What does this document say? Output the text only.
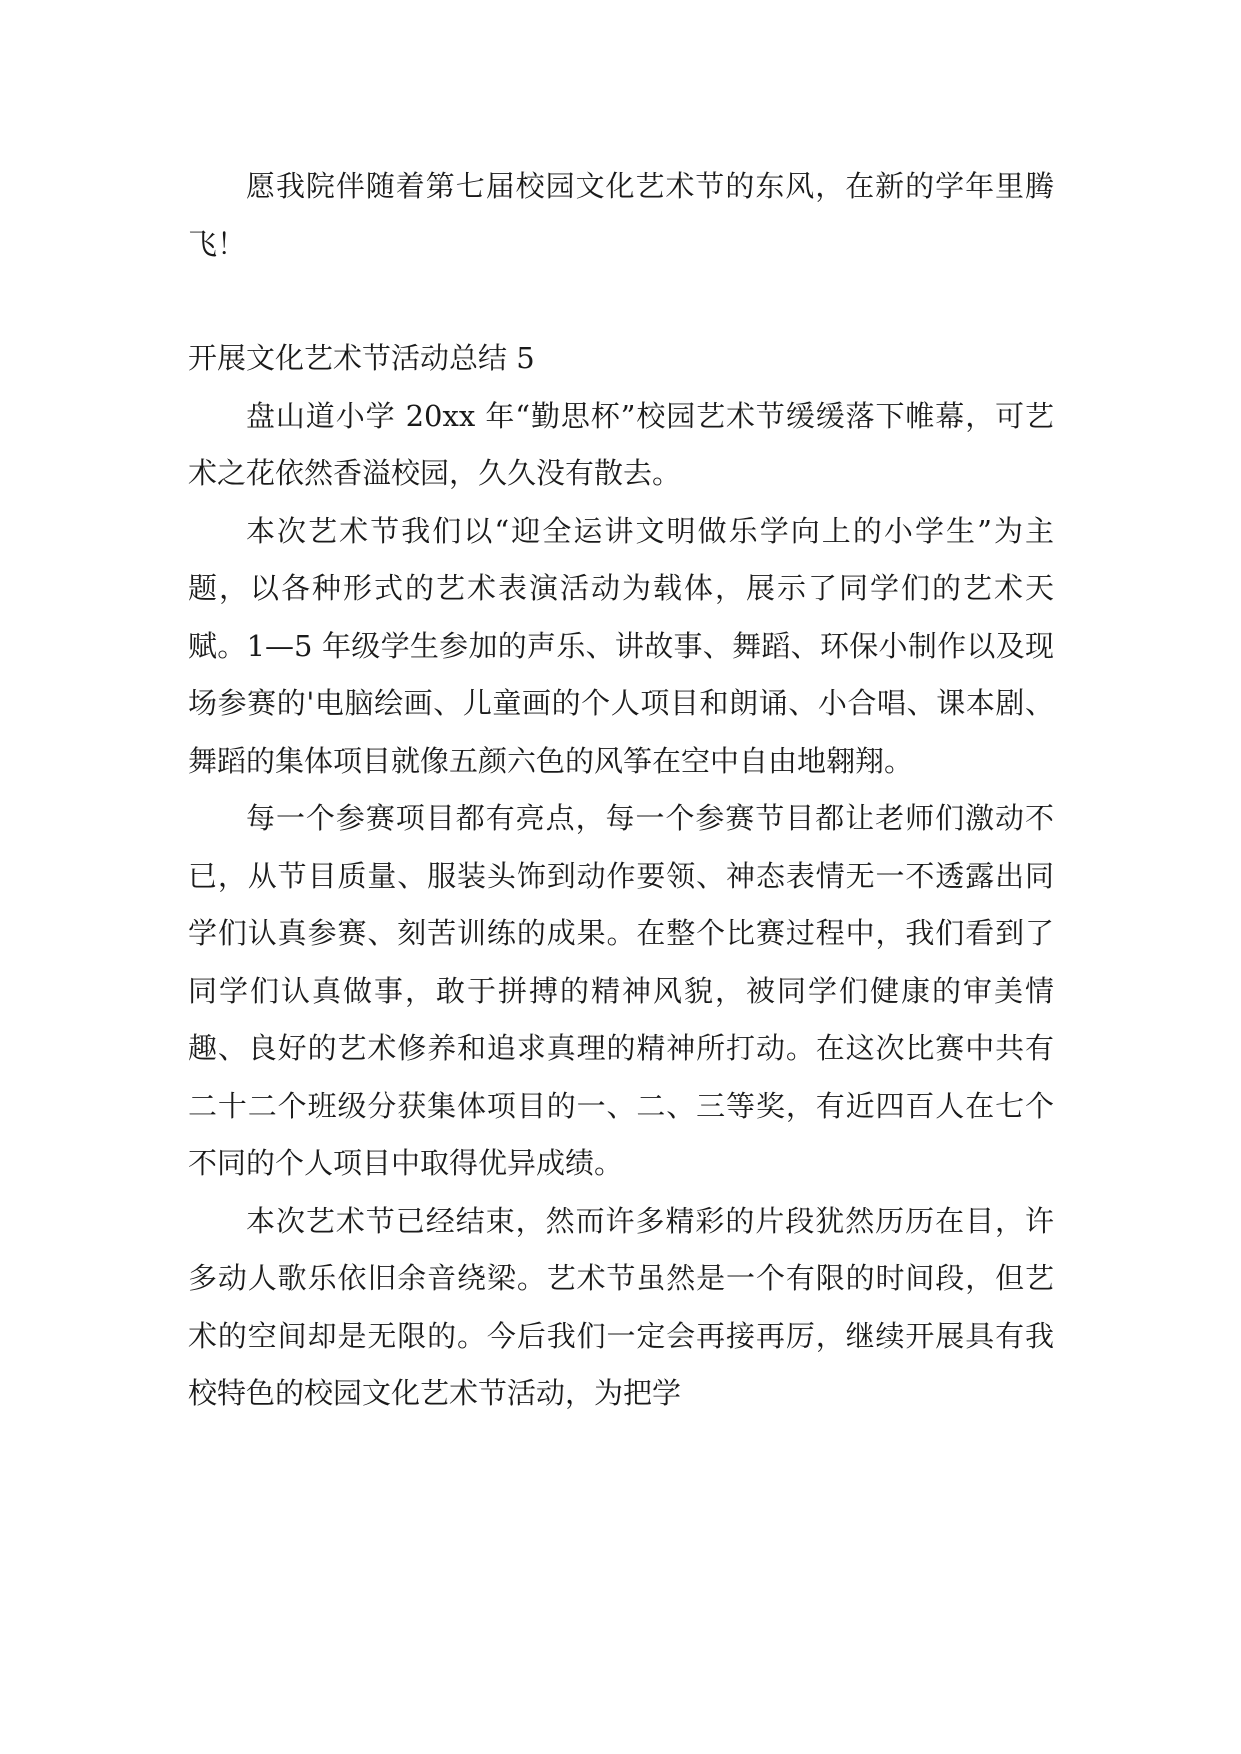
愿我院伴随着第七届校园文化艺术节的东风，在新的学年里腾飞！

开展文化艺术节活动总结 5

盘山道小学 20xx 年“勤思杯”校园艺术节缓缓落下帷幕，可艺术之花依然香溢校园，久久没有散去。

本次艺术节我们以“迎全运讲文明做乐学向上的小学生”为主题，以各种形式的艺术表演活动为载体，展示了同学们的艺术天赋。1—5 年级学生参加的声乐、讲故事、舞蹈、环保小制作以及现场参赛的'电脑绘画、儿童画的个人项目和朗诵、小合唱、课本剧、舞蹈的集体项目就像五颜六色的风筝在空中自由地翱翔。

每一个参赛项目都有亮点，每一个参赛节目都让老师们激动不已，从节目质量、服装头饰到动作要领、神态表情无一不透露出同学们认真参赛、刻苦训练的成果。在整个比赛过程中，我们看到了同学们认真做事，敢于拼搏的精神风貌，被同学们健康的审美情趣、良好的艺术修养和追求真理的精神所打动。在这次比赛中共有二十二个班级分获集体项目的一、二、三等奖，有近四百人在七个不同的个人项目中取得优异成绩。

本次艺术节已经结束，然而许多精彩的片段犹然历历在目，许多动人歌乐依旧余音绕梁。艺术节虽然是一个有限的时间段，但艺术的空间却是无限的。今后我们一定会再接再厉，继续开展具有我校特色的校园文化艺术节活动，为把学
